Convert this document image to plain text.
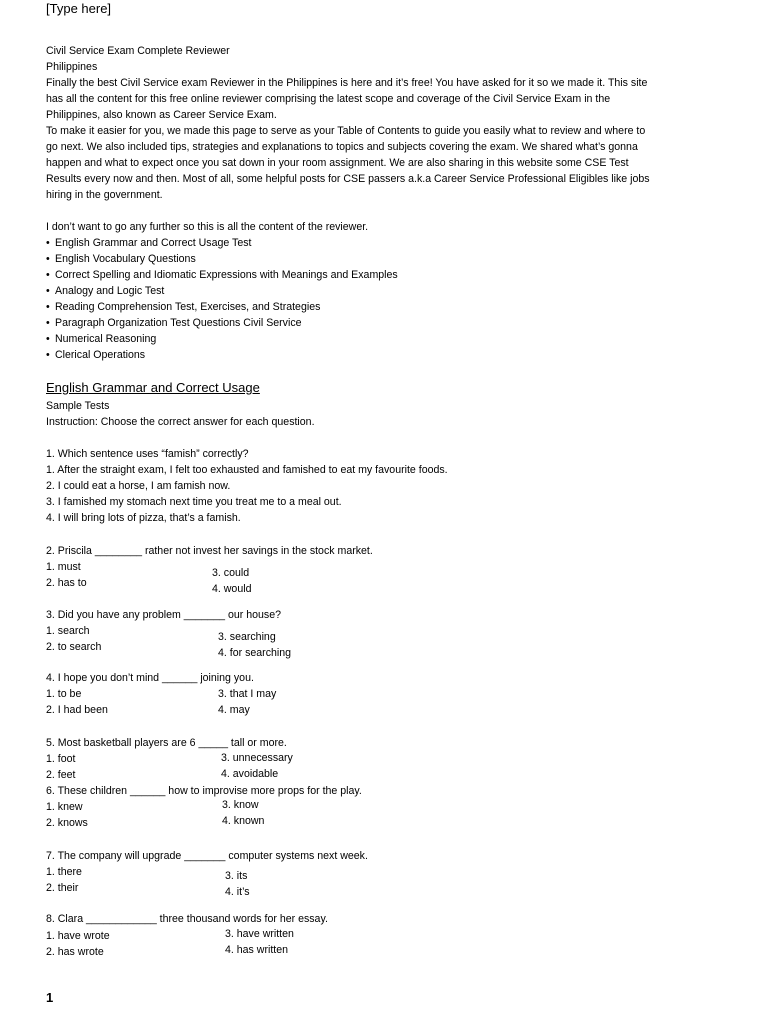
[Type here]
Civil Service Exam Complete Reviewer
Philippines
Finally the best Civil Service exam Reviewer in the Philippines is here and it’s free! You have asked for it so we made it. This site
has all the content for this free online reviewer comprising the latest scope and coverage of the Civil Service Exam in the
Philippines, also known as Career Service Exam.
To make it easier for you, we made this page to serve as your Table of Contents to guide you easily what to review and where to
go next. We also included tips, strategies and explanations to topics and subjects covering the exam. We shared what’s gonna
happen and what to expect once you sat down in your room assignment. We are also sharing in this website some CSE Test
Results every now and then. Most of all, some helpful posts for CSE passers a.k.a Career Service Professional Eligibles like jobs
hiring in the government.
I don’t want to go any further so this is all the content of the reviewer.
• English Grammar and Correct Usage Test
• English Vocabulary Questions
• Correct Spelling and Idiomatic Expressions with Meanings and Examples
• Analogy and Logic Test
• Reading Comprehension Test, Exercises, and Strategies
• Paragraph Organization Test Questions Civil Service
• Numerical Reasoning
• Clerical Operations
English Grammar and Correct Usage
Sample Tests
Instruction: Choose the correct answer for each question.
1. Which sentence uses “famish” correctly?
1. After the straight exam, I felt too exhausted and famished to eat my favourite foods.
2. I could eat a horse, I am famish now.
3. I famished my stomach next time you treat me to a meal out.
4. I will bring lots of pizza, that’s a famish.
2. Priscila ________ rather not invest her savings in the stock market.
1. must
2. has to
3. could
4. would
3. Did you have any problem _______ our house?
1. search
2. to search
3. searching
4. for searching
4. I hope you don’t mind ______ joining you.
1. to be
2. I had been
3. that I may
4. may
5. Most basketball players are 6 _____ tall or more.
1. foot
2. feet
3. unnecessary
4. avoidable
6. These children ______ how to improvise more props for the play.
1. knew
2. knows
3. know
4. known
7. The company will upgrade _______ computer systems next week.
1. there
2. their
3. its
4. it’s
8. Clara ____________ three thousand words for her essay.
1. have wrote
2. has wrote
3. have written
4. has written
1
